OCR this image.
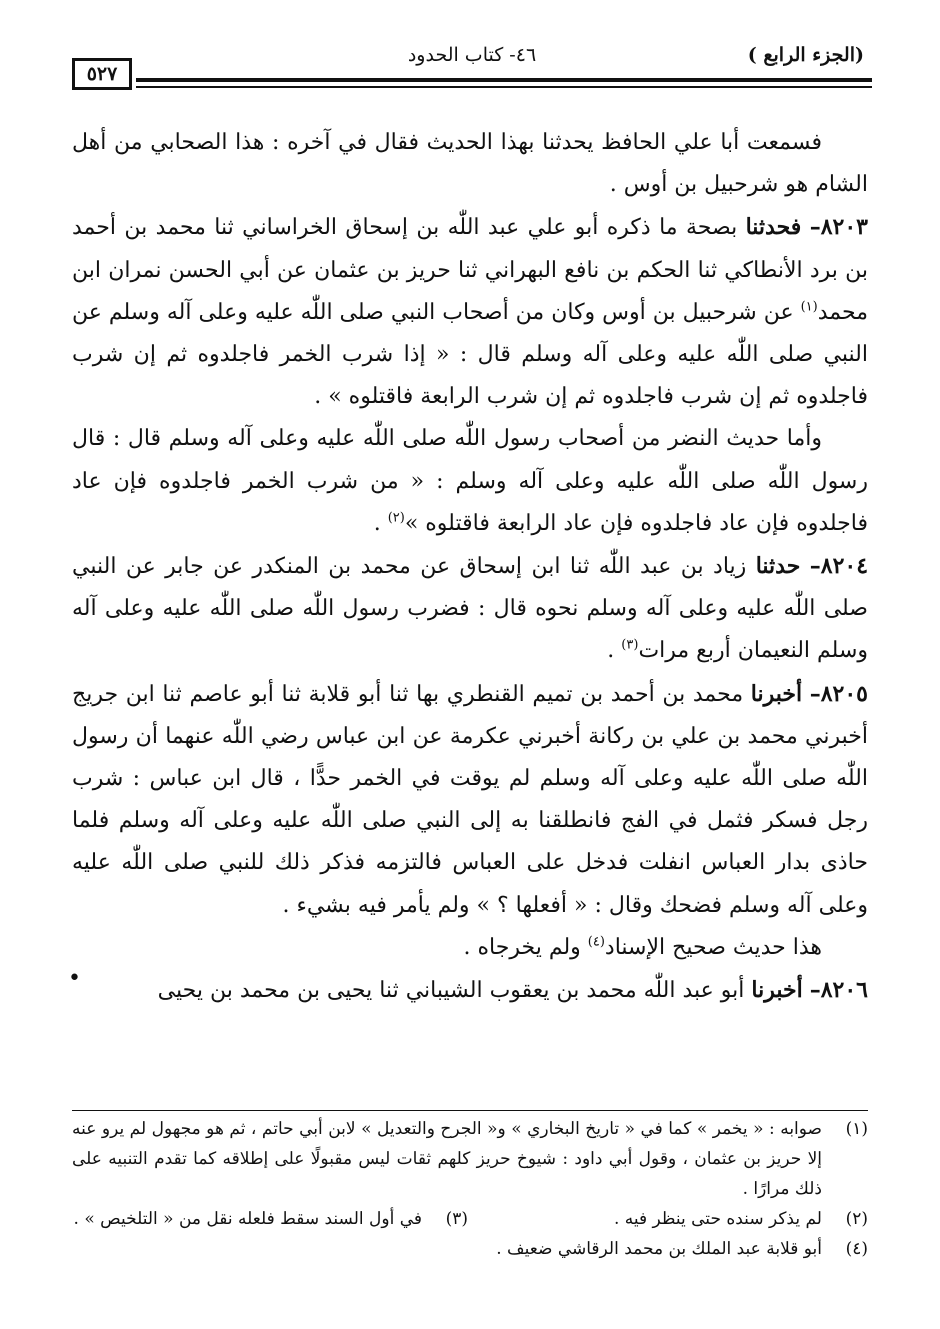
(الجزء الرابع )
٤٦- كتاب الحدود
٥٢٧

فسمعت أبا علي الحافظ يحدثنا بهذا الحديث فقال في آخره : هذا الصحابي من أهل الشام هو شرحبيل بن أوس .

٨٢٠٣– فحدثنا بصحة ما ذكره أبو علي عبد اللّٰه بن إسحاق الخراساني ثنا محمد بن أحمد بن برد الأنطاكي ثنا الحكم بن نافع البهراني ثنا حريز بن عثمان عن أبي الحسن نمران ابن محمد$^{(١)}$ عن شرحبيل بن أوس وكان من أصحاب النبي صلى اللّٰه عليه وعلى آله وسلم عن النبي صلى اللّٰه عليه وعلى آله وسلم قال : « إذا شرب الخمر فاجلدوه ثم إن شرب فاجلدوه ثم إن شرب فاجلدوه ثم إن شرب الرابعة فاقتلوه » .

وأما حديث النضر من أصحاب رسول اللّٰه صلى اللّٰه عليه وعلى آله وسلم قال : قال رسول اللّٰه صلى اللّٰه عليه وعلى آله وسلم : « من شرب الخمر فاجلدوه فإن عاد فاجلدوه فإن عاد فاجلدوه فإن عاد الرابعة فاقتلوه »$^{(٢)}$ .

٨٢٠٤– حدثنا زياد بن عبد اللّٰه ثنا ابن إسحاق عن محمد بن المنكدر عن جابر عن النبي صلى اللّٰه عليه وعلى آله وسلم نحوه قال : فضرب رسول اللّٰه صلى اللّٰه عليه وعلى آله وسلم النعيمان أربع مرات$^{(٣)}$ .

٨٢٠٥– أخبرنا محمد بن أحمد بن تميم القنطري بها ثنا أبو قلابة ثنا أبو عاصم ثنا ابن جريج أخبرني محمد بن علي بن ركانة أخبرني عكرمة عن ابن عباس رضي اللّٰه عنهما أن رسول اللّٰه صلى اللّٰه عليه وعلى آله وسلم لم يوقت في الخمر حدًّا ، قال ابن عباس : شرب رجل فسكر فثمل في الفج فانطلقنا به إلى النبي صلى اللّٰه عليه وعلى آله وسلم فلما حاذى بدار العباس انفلت فدخل على العباس فالتزمه فذكر ذلك للنبي صلى اللّٰه عليه وعلى آله وسلم فضحك وقال : « أفعلها ؟ » ولم يأمر فيه بشيء .

هذا حديث صحيح الإسناد$^{(٤)}$ ولم يخرجاه .

٨٢٠٦– أخبرنا أبو عبد اللّٰه محمد بن يعقوب الشيباني ثنا يحيى بن محمد بن يحيى

•

(١)
صوابه : « يخمر » كما في « تاريخ البخاري » و« الجرح والتعديل » لابن أبي حاتم ، ثم هو مجهول لم يرو عنه إلا حريز بن عثمان ، وقول أبي داود : شيوخ حريز كلهم ثقات ليس مقبولًا على إطلاقه كما تقدم التنبيه على ذلك مرارًا .

(٢)
لم يذكر سنده حتى ينظر فيه .
(٣)
في أول السند سقط فلعله نقل من « التلخيص » .

(٤)
أبو قلابة عبد الملك بن محمد الرقاشي ضعيف .
